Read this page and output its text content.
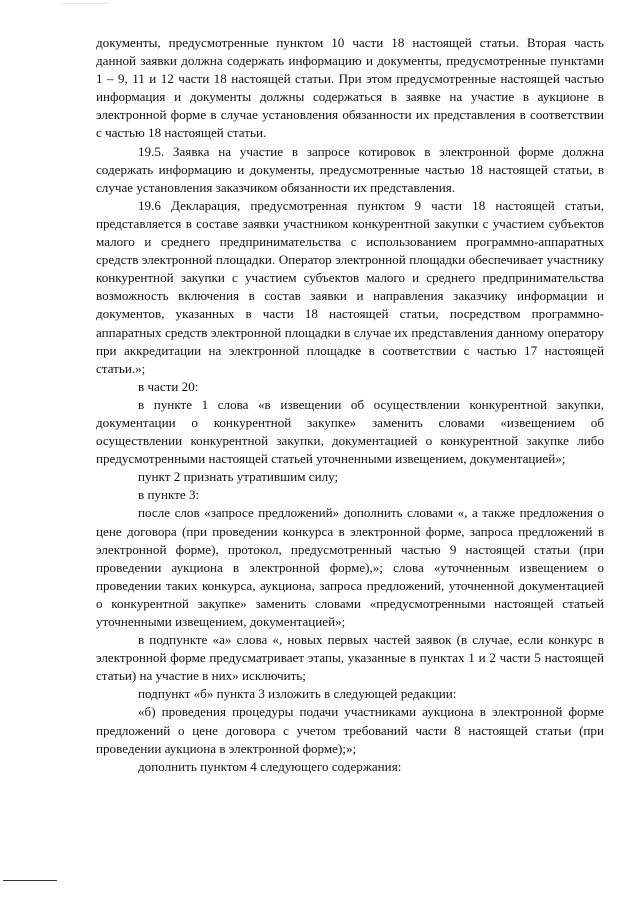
документы, предусмотренные пунктом 10 части 18 настоящей статьи. Вторая часть данной заявки должна содержать информацию и документы, предусмотренные пунктами 1 – 9, 11 и 12 части 18 настоящей статьи. При этом предусмотренные настоящей частью информация и документы должны содержаться в заявке на участие в аукционе в электронной форме в случае установления обязанности их представления в соответствии с частью 18 настоящей статьи.

19.5. Заявка на участие в запросе котировок в электронной форме должна содержать информацию и документы, предусмотренные частью 18 настоящей статьи, в случае установления заказчиком обязанности их представления.

19.6 Декларация, предусмотренная пунктом 9 части 18 настоящей статьи, представляется в составе заявки участником конкурентной закупки с участием субъектов малого и среднего предпринимательства с использованием программно-аппаратных средств электронной площадки. Оператор электронной площадки обеспечивает участнику конкурентной закупки с участием субъектов малого и среднего предпринимательства возможность включения в состав заявки и направления заказчику информации и документов, указанных в части 18 настоящей статьи, посредством программно-аппаратных средств электронной площадки в случае их представления данному оператору при аккредитации на электронной площадке в соответствии с частью 17 настоящей статьи.»;

в части 20:

в пункте 1 слова «в извещении об осуществлении конкурентной закупки, документации о конкурентной закупке» заменить словами «извещением об осуществлении конкурентной закупки, документацией о конкурентной закупке либо предусмотренными настоящей статьей уточненными извещением, документацией»;

пункт 2 признать утратившим силу;

в пункте 3:

после слов «запросе предложений» дополнить словами «, а также предложения о цене договора (при проведении конкурса в электронной форме, запроса предложений в электронной форме), протокол, предусмотренный частью 9 настоящей статьи (при проведении аукциона в электронной форме),»; слова «уточненным извещением о проведении таких конкурса, аукциона, запроса предложений, уточненной документацией о конкурентной закупке» заменить словами «предусмотренными настоящей статьей уточненными извещением, документацией»;

в подпункте «а» слова «, новых первых частей заявок (в случае, если конкурс в электронной форме предусматривает этапы, указанные в пунктах 1 и 2 части 5 настоящей статьи) на участие в них» исключить;

подпункт «б» пункта 3 изложить в следующей редакции:

«б) проведения процедуры подачи участниками аукциона в электронной форме предложений о цене договора с учетом требований части 8 настоящей статьи (при проведении аукциона в электронной форме);»;

дополнить пунктом 4 следующего содержания:
